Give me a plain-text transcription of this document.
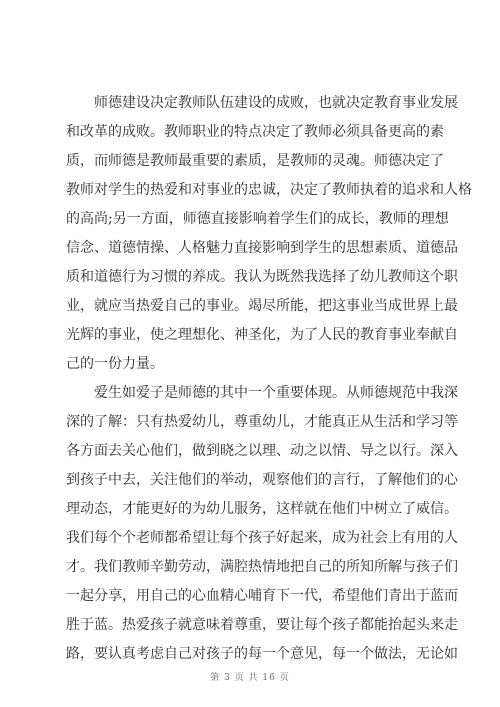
　　师德建设决定教师队伍建设的成败，也就决定教育事业发展
和改革的成败。教师职业的特点决定了教师必须具备更高的素
质，而师德是教师最重要的素质，是教师的灵魂。师德决定了
教师对学生的热爱和对事业的忠诚，决定了教师执着的追求和人格
的高尚;另一方面，师德直接影响着学生们的成长，教师的理想
信念、道德情操、人格魅力直接影响到学生的思想素质、道德品
质和道德行为习惯的养成。我认为既然我选择了幼儿教师这个职
业，就应当热爱自己的事业。竭尽所能，把这事业当成世界上最
光辉的事业，使之理想化、神圣化，为了人民的教育事业奉献自
己的一份力量。
　　爱生如爱子是师德的其中一个重要体现。从师德规范中我深
深的了解：只有热爱幼儿，尊重幼儿，才能真正从生活和学习等
各方面去关心他们，做到晓之以理、动之以情、导之以行。深入
到孩子中去，关注他们的举动，观察他们的言行，了解他们的心
理动态，才能更好的为幼儿服务，这样就在他们中树立了威信。
我们每个个老师都希望让每个孩子好起来，成为社会上有用的人
才。我们教师辛勤劳动，满腔热情地把自己的所知所解与孩子们
一起分享，用自己的心血精心哺育下一代，希望他们青出于蓝而
胜于蓝。热爱孩子就意味着尊重，要让每个孩子都能抬起头来走
路，要认真考虑自己对孩子的每一个意见，每一个做法，无论如
第 3 页 共 16 页
